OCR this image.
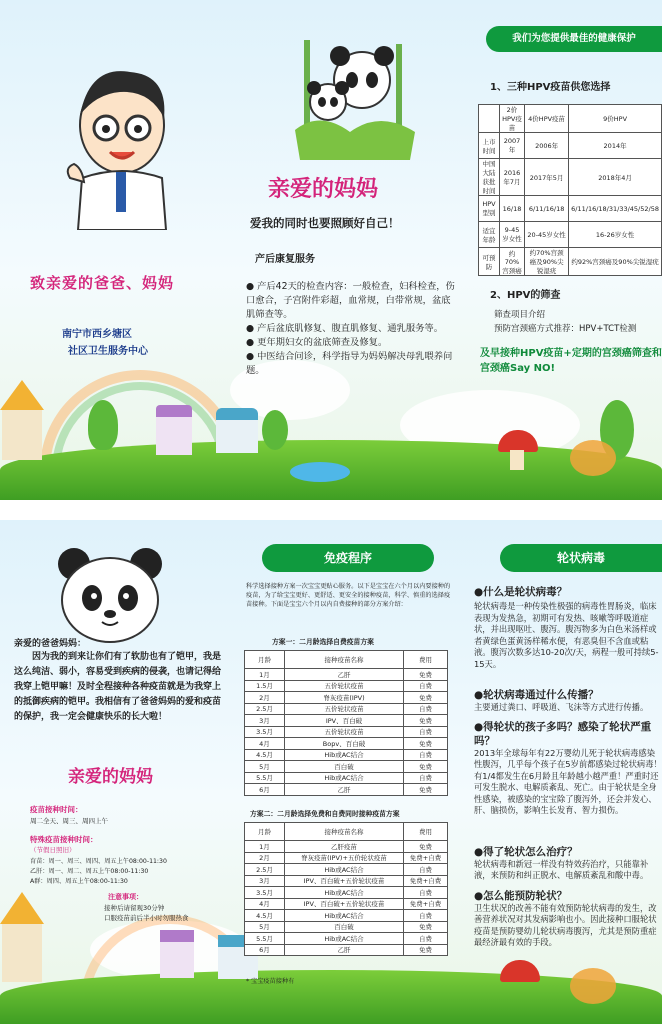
致亲爱的爸爸、妈妈
南宁市西乡塘区
社区卫生服务中心
亲爱的妈妈
爱我的同时也要照顾好自己！
产后康复服务
● 产后42天的检查内容：一般检查，妇科检查，伤口愈合，子宫附件彩超，血常规，白带常规，盆底肌筛查等。
● 产后盆底肌修复、腹直肌修复、通乳服务等。
● 更年期妇女的盆底筛查及修复。
● 中医结合问诊，科学指导为妈妈解决母乳喂养问题。
我们为您提供最佳的健康保护
1、三种HPV疫苗供您选择
	2价HPV疫苗	4价HPV疫苗	9价HPV
上市时间	2007年	2006年	2014年
中国大陆获批时间	2016年7月	2017年5月	2018年4月
HPV型别	16/18	6/11/16/18	6/11/16/18/31/33/45/52/58
适宜年龄	9-45岁女性	20-45岁女性	16-26岁女性
可预防	约70%宫颈癌	约70%宫颈癌及90%尖锐湿疣	约92%宫颈癌及90%尖锐湿疣
2、HPV的筛查
筛查项目介绍
预防宫颈癌方式推荐：HPV+TCT检测
及早接种HPV疫苗+定期的宫颈癌筛查和宫颈癌Say NO!
亲爱的爸爸妈妈：
因为我的到来让你们有了软肋也有了铠甲，我是这么纯洁、弱小，容易受到疾病的侵袭，也请记得给我穿上铠甲嘛！及时全程接种各种疫苗就是为我穿上的抵御疾病的铠甲。我相信有了爸爸妈妈的爱和疫苗的保护，我一定会健康快乐的长大啦！
亲爱的妈妈
疫苗接种时间：
周二全天、周三、周四上午
特殊疫苗接种时间：
（节假日照旧）
育苗：周一、周三、周四、周五上午08:00-11:30
乙肝：周一、周二、周五上午08:00-11:30
A群：周四、周五上午08:00-11:30
注意事项：
接种后请留观30分钟
口服疫苗前后半小时勿服热食
免疫程序
科学选择接种方案一次宝宝更贴心服务。以下是宝宝在六个月以内要接种的疫苗，为了给宝宝更好、更舒适、更安全的接种疫苗，科学、慎重的选择疫苗接种。下面是宝宝六个月以内自费接种的部分方案介绍：
方案一：二月龄选择自费疫苗方案
月龄	接种疫苗名称	费用
1月	乙肝	免费
1.5月	五价轮状疫苗	自费
2月	脊灰疫苗(IPV)	免费
2.5月	五价轮状疫苗	自费
3月	IPV、百白破	免费
3.5月	五价轮状疫苗	自费
4月	Bopv、百白破	免费
4.5月	Hib或AC结合	自费
5月	百白破	免费
5.5月	Hib或AC结合	自费
6月	乙肝	免费
方案二：二月龄选择免费和自费同时接种疫苗方案
月龄	接种疫苗名称	费用
1月	乙肝疫苗	免费
2月	脊灰疫苗(IPV)+五价轮状疫苗	免费+自费
2.5月	Hib或AC结合	自费
3月	IPV、百白破+五价轮状疫苗	免费+自费
3.5月	Hib或AC结合	自费
4月	IPV、百白破+五价轮状疫苗	免费+自费
4.5月	Hib或AC结合	自费
5月	百白破	免费
5.5月	Hib或AC结合	自费
6月	乙肝	免费
* 宝宝疫苗接种有
轮状病毒
●什么是轮状病毒？
轮状病毒是一种传染性极强的病毒性胃肠炎，临床表现为发热急，初期可有发热、咳嗽等呼吸道症状，并出现呕吐、腹泻。腹泻物多为白色米汤样或者黄绿色蛋黄汤样稀水便，有恶臭但不含血或粘液。腹泻次数多达10-20次/天，病程一般可持续5-15天。
●轮状病毒通过什么传播？
主要通过粪口、呼吸道、飞沫等方式进行传播。
●得轮状的孩子多吗？感染了轮状严重吗？
2013年全球每年有22万婴幼儿死于轮状病毒感染性腹泻，几乎每个孩子在5岁前都感染过轮状病毒！有1/4都发生在6月龄且年龄越小越严重！严重时还可发生脱水、电解质紊乱、死亡。由于轮状是全身性感染，被感染的宝宝除了腹泻外，还会并发心、肝、脑损伤，影响生长发育、智力损伤。
●得了轮状怎么治疗？
轮状病毒和新冠一样没有特效药治疗，只能靠补液，来预防和纠正脱水、电解质紊乱和酸中毒。
●怎么能预防轮状？
卫生状况的改善不能有效预防轮状病毒的发生，改善营养状况对其发病影响也小。因此接种口服轮状疫苗是预防婴幼儿轮状病毒腹泻，尤其是预防重症最经济最有效的手段。
